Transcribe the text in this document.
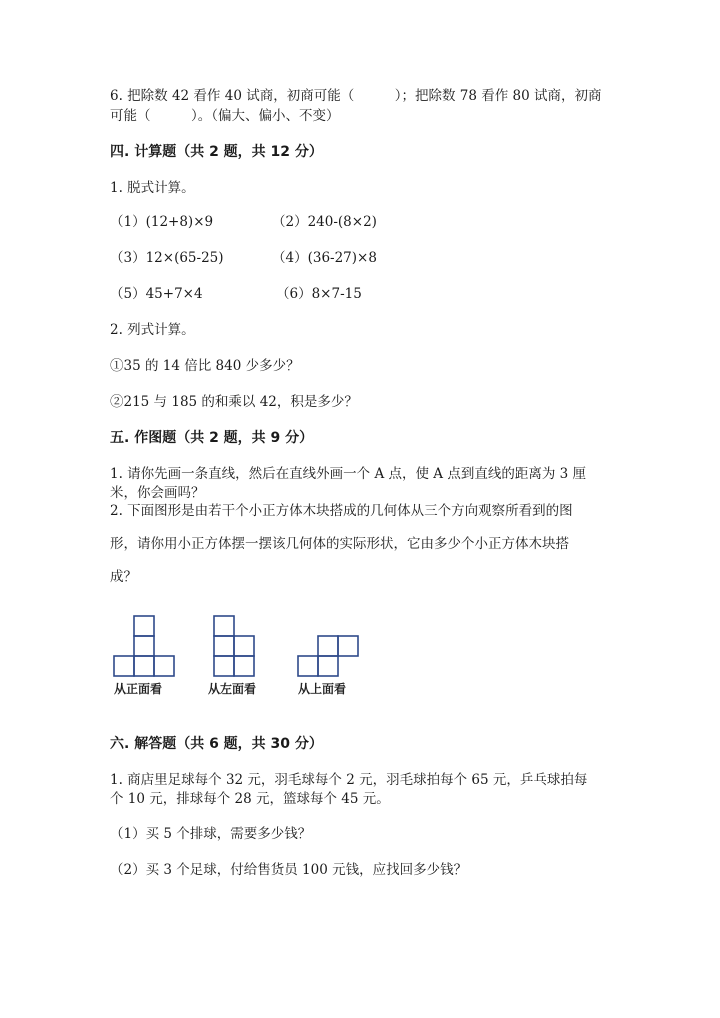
6. 把除数 42 看作 40 试商，初商可能（　　　）；把除数 78 看作 80 试商，初商
可能（　　　）。（偏大、偏小、不变）
四. 计算题（共 2 题，共 12 分）
1. 脱式计算。
（1）(12+8)×9	（2）240-(8×2)
（3）12×(65-25)	（4）(36-27)×8
（5）45+7×4	（6）8×7-15
2. 列式计算。
①35 的 14 倍比 840 少多少？
②215 与 185 的和乘以 42，积是多少？
五. 作图题（共 2 题，共 9 分）
1. 请你先画一条直线，然后在直线外画一个 A 点，使 A 点到直线的距离为 3 厘
米，你会画吗？
2. 下面图形是由若干个小正方体木块搭成的几何体从三个方向观察所看到的图
形，请你用小正方体摆一摆该几何体的实际形状，它由多少个小正方体木块搭
成？
从正面看	从左面看	从上面看
六. 解答题（共 6 题，共 30 分）
1. 商店里足球每个 32 元，羽毛球每个 2 元，羽毛球拍每个 65 元，乒乓球拍每
个 10 元，排球每个 28 元，篮球每个 45 元。
（1）买 5 个排球，需要多少钱？
（2）买 3 个足球，付给售货员 100 元钱，应找回多少钱？
